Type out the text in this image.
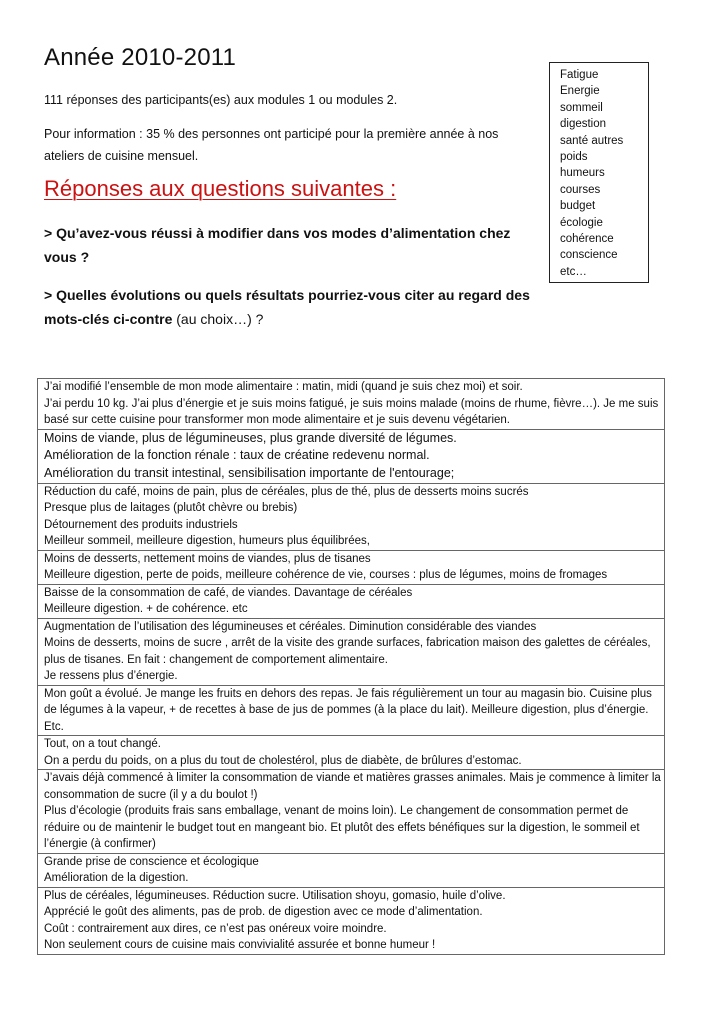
Année 2010-2011
111 réponses des participants(es) aux modules 1 ou modules 2.
Pour information : 35 % des personnes ont participé pour la première année à nos ateliers de cuisine mensuel.
Réponses aux questions suivantes :
> Qu’avez-vous réussi à modifier dans vos modes d’alimentation chez vous ?
> Quelles évolutions ou quels résultats pourriez-vous citer au regard des mots-clés ci-contre (au choix…) ?
Fatigue
Energie
sommeil
digestion
santé autres
poids
humeurs
courses
budget
écologie
cohérence
conscience
etc…
J’ai modifié l’ensemble de mon mode alimentaire : matin, midi (quand je suis chez moi) et soir.
J’ai perdu 10 kg. J’ai plus d’énergie et je suis moins fatigué, je suis moins malade (moins de rhume, fièvre…). Je me suis basé sur cette cuisine pour transformer mon mode alimentaire et je suis devenu végétarien.

Moins de viande, plus de légumineuses, plus grande diversité de légumes.
Amélioration de la fonction rénale : taux de créatine redevenu normal.
Amélioration du transit intestinal, sensibilisation importante de l'entourage;

Réduction du café, moins de pain, plus de céréales, plus de thé, plus de desserts moins sucrés
Presque plus de laitages (plutôt chèvre ou brebis)
Détournement des produits industriels
Meilleur sommeil, meilleure digestion, humeurs plus équilibrées,

Moins de desserts, nettement moins de viandes, plus de tisanes
Meilleure digestion, perte de poids, meilleure cohérence de vie, courses : plus de légumes, moins de fromages

Baisse de la consommation de café, de viandes. Davantage de céréales
Meilleure digestion. + de cohérence. etc

Augmentation de l’utilisation des légumineuses et céréales. Diminution considérable des viandes
Moins de desserts, moins de sucre , arrêt de la visite des grande surfaces, fabrication maison des galettes de céréales, plus de tisanes. En fait : changement de comportement alimentaire.
Je ressens plus d’énergie.

Mon goût a évolué. Je mange les fruits en dehors des repas. Je fais régulièrement un tour au magasin bio. Cuisine plus de légumes à la vapeur, + de recettes à base de jus de pommes (à la place du lait). Meilleure digestion, plus d’énergie. Etc.

Tout, on a tout changé.
On a perdu du poids, on a plus du tout de cholestérol, plus de diabète, de brûlures d’estomac.

J’avais déjà commencé à limiter la consommation de viande et matières grasses animales. Mais je commence à limiter la consommation de sucre (il y a du boulot !)
Plus d’écologie (produits frais sans emballage, venant de moins loin). Le changement de consommation permet de réduire ou de maintenir le budget tout en mangeant bio. Et plutôt des effets bénéfiques sur la digestion, le sommeil et l’énergie (à confirmer)

Grande prise de conscience et écologique
Amélioration de la digestion.

Plus de céréales, légumineuses. Réduction sucre. Utilisation shoyu, gomasio, huile d’olive.
Apprécié le goût des aliments, pas de prob. de digestion avec ce mode d’alimentation.
Coût : contrairement aux dires, ce n’est pas onéreux voire moindre.
Non seulement cours de cuisine mais convivialité assurée et bonne humeur !
